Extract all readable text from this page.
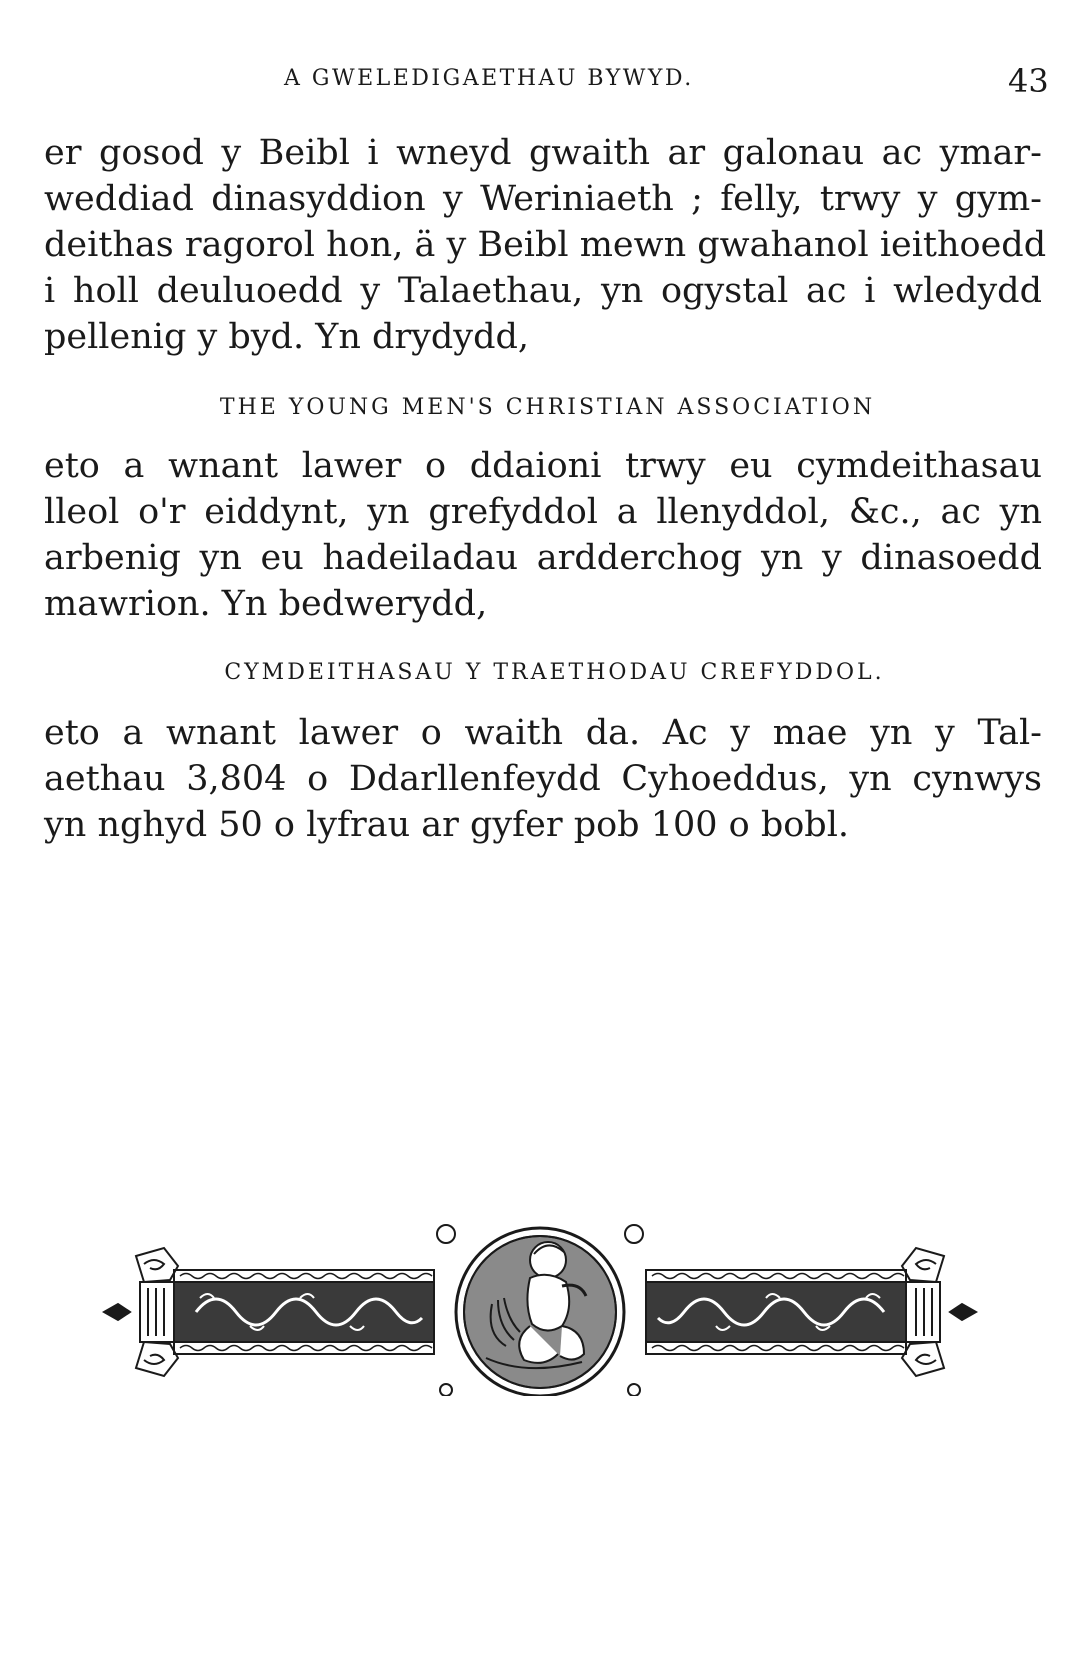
A GWELEDIGAETHAU BYWYD.	43
er gosod y Beibl i wneyd gwaith ar galonau ac ymar-
weddiad dinasyddion y Weriniaeth ; felly, trwy y gym-
deithas ragorol hon, ä y Beibl mewn gwahanol ieithoedd
i holl deuluoedd y Talaethau, yn ogystal ac i wledydd
pellenig y byd. Yn drydydd,
THE YOUNG MEN'S CHRISTIAN ASSOCIATION
eto a wnant lawer o ddaioni trwy eu cymdeithasau
lleol o'r eiddynt, yn grefyddol a llenyddol, &c., ac yn
arbenig yn eu hadeiladau ardderchog yn y dinasoedd
mawrion. Yn bedwerydd,
CYMDEITHASAU Y TRAETHODAU CREFYDDOL.
eto a wnant lawer o waith da. Ac y mae yn y Tal-
aethau 3,804 o Ddarllenfeydd Cyhoeddus, yn cynwys
yn nghyd 50 o lyfrau ar gyfer pob 100 o bobl.
